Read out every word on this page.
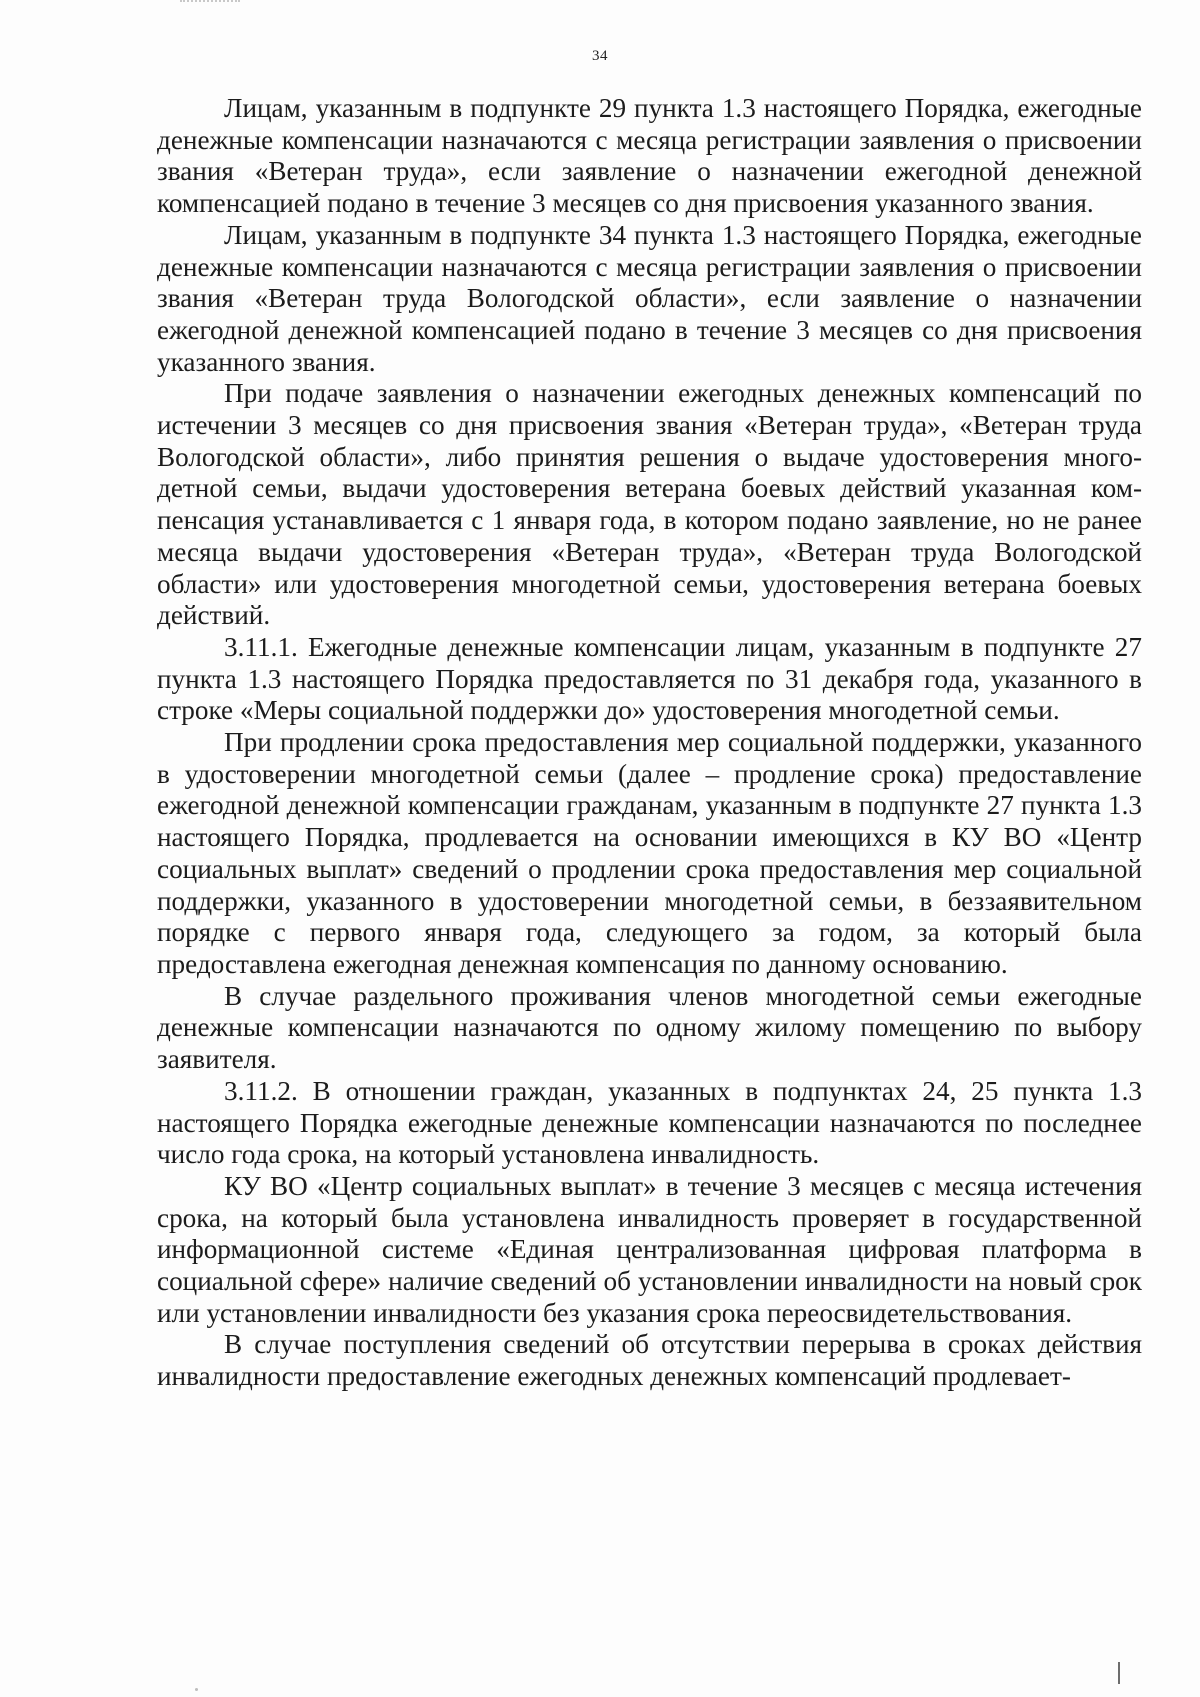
34

Лицам, указанным в подпункте 29 пункта 1.3 настоящего Порядка, ежегодные денежные компенсации назначаются с месяца регистрации заявления о присвоении звания «Ветеран труда», если заявление о назначении ежегодной денежной компенсацией подано в течение 3 месяцев со дня присвоения указанного звания.

Лицам, указанным в подпункте 34 пункта 1.3 настоящего Порядка, ежегодные денежные компенсации назначаются с месяца регистрации заявления о присвоении звания «Ветеран труда Вологодской области», если заявление о назначении ежегодной денежной компенсацией подано в течение 3 месяцев со дня присвоения указанного звания.

При подаче заявления о назначении ежегодных денежных компенсаций по истечении 3 месяцев со дня присвоения звания «Ветеран труда», «Ветеран труда Вологодской области», либо принятия решения о выдаче удостоверения многодетной семьи, выдачи удостоверения ветерана боевых действий указанная компенсация устанавливается с 1 января года, в котором подано заявление, но не ранее месяца выдачи удостоверения «Ветеран труда», «Ветеран труда Вологодской области» или удостоверения многодетной семьи, удостоверения ветерана боевых действий.

3.11.1. Ежегодные денежные компенсации лицам, указанным в подпункте 27 пункта 1.3 настоящего Порядка предоставляется по 31 декабря года, указанного в строке «Меры социальной поддержки до» удостоверения многодетной семьи.

При продлении срока предоставления мер социальной поддержки, указанного в удостоверении многодетной семьи (далее – продление срока) предоставление ежегодной денежной компенсации гражданам, указанным в подпункте 27 пункта 1.3 настоящего Порядка, продлевается на основании имеющихся в КУ ВО «Центр социальных выплат» сведений о продлении срока предоставления мер социальной поддержки, указанного в удостоверении многодетной семьи, в беззаявительном порядке с первого января года, следующего за годом, за который была предоставлена ежегодная денежная компенсация по данному основанию.

В случае раздельного проживания членов многодетной семьи ежегодные денежные компенсации назначаются по одному жилому помещению по выбору заявителя.

3.11.2. В отношении граждан, указанных в подпунктах 24, 25 пункта 1.3 настоящего Порядка ежегодные денежные компенсации назначаются по последнее число года срока, на который установлена инвалидность.

КУ ВО «Центр социальных выплат» в течение 3 месяцев с месяца истечения срока, на который была установлена инвалидность проверяет в государственной информационной системе «Единая централизованная цифровая платформа в социальной сфере» наличие сведений об установлении инвалидности на новый срок или установлении инвалидности без указания срока переосвидетельствования.

В случае поступления сведений об отсутствии перерыва в сроках действия инвалидности предоставление ежегодных денежных компенсаций продлевает-
